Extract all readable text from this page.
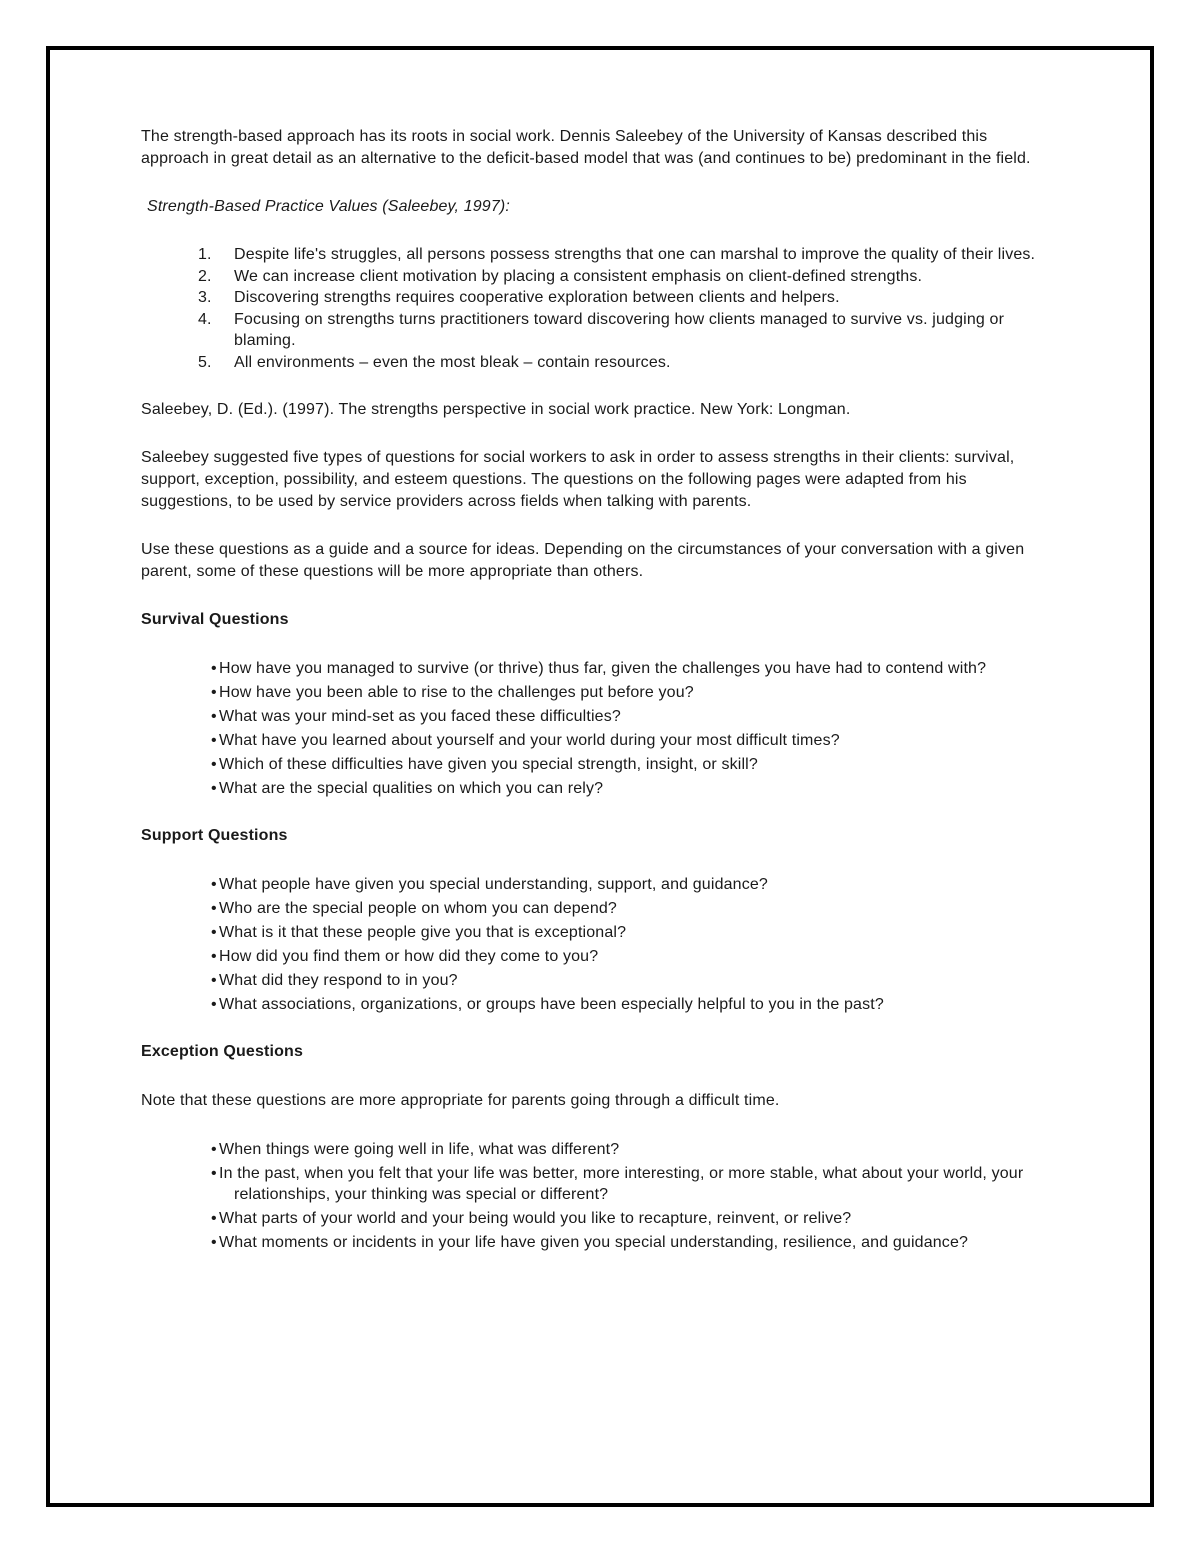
The strength-based approach has its roots in social work. Dennis Saleebey of the University of Kansas described this approach in great detail as an alternative to the deficit-based model that was (and continues to be) predominant in the field.

Strength-Based Practice Values (Saleebey, 1997):

1. Despite life's struggles, all persons possess strengths that one can marshal to improve the quality of their lives.
2. We can increase client motivation by placing a consistent emphasis on client-defined strengths.
3. Discovering strengths requires cooperative exploration between clients and helpers.
4. Focusing on strengths turns practitioners toward discovering how clients managed to survive vs. judging or blaming.
5. All environments – even the most bleak – contain resources.

Saleebey, D. (Ed.). (1997). The strengths perspective in social work practice. New York: Longman.

Saleebey suggested five types of questions for social workers to ask in order to assess strengths in their clients: survival, support, exception, possibility, and esteem questions. The questions on the following pages were adapted from his suggestions, to be used by service providers across fields when talking with parents.

Use these questions as a guide and a source for ideas. Depending on the circumstances of your conversation with a given parent, some of these questions will be more appropriate than others.

Survival Questions

•How have you managed to survive (or thrive) thus far, given the challenges you have had to contend with?
•How have you been able to rise to the challenges put before you?
•What was your mind-set as you faced these difficulties?
•What have you learned about yourself and your world during your most difficult times?
•Which of these difficulties have given you special strength, insight, or skill?
•What are the special qualities on which you can rely?

Support Questions

•What people have given you special understanding, support, and guidance?
•Who are the special people on whom you can depend?
•What is it that these people give you that is exceptional?
•How did you find them or how did they come to you?
•What did they respond to in you?
•What associations, organizations, or groups have been especially helpful to you in the past?

Exception Questions

Note that these questions are more appropriate for parents going through a difficult time.

•When things were going well in life, what was different?
•In the past, when you felt that your life was better, more interesting, or more stable, what about your world, your relationships, your thinking was special or different?
•What parts of your world and your being would you like to recapture, reinvent, or relive?
•What moments or incidents in your life have given you special understanding, resilience, and guidance?
